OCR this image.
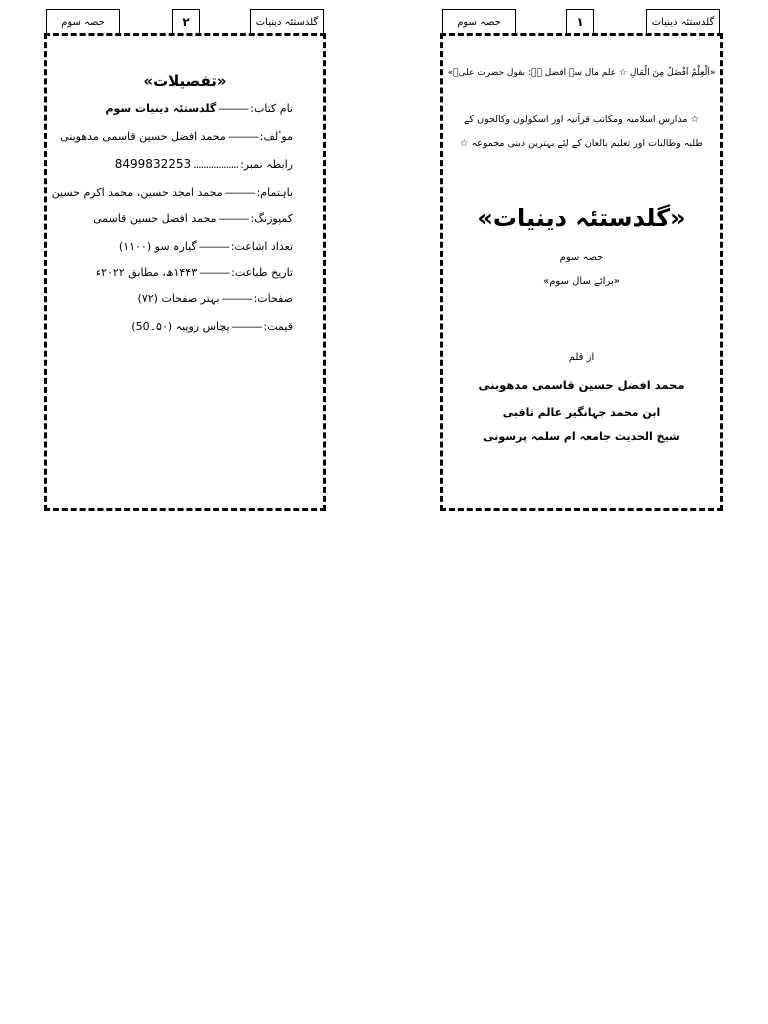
حصہ سوم	۲	گلدستئہ دینیات
«تفصیلات»
نام کتاب:
———
گلدستئہ دینیات سوم
موٴلف:
———
محمد افضل حسین قاسمی مدھوبنی
رابطہ نمبر:
..................
8499832253
باہتمام:
———
محمد امجد حسین، محمد اکرم حسین
کمپوزنگ:
———
محمد افضل حسین قاسمی
تعداد اشاعت:
———
گیارہ سو (۱۱۰۰)
تاریخ طباعت:
———
۱۴۴۳ھ، مطابق ۲۰۲۲ء
صفحات:
———
بہتر صفحات (۷۲)
قیمت:
———
پچاس روپیہ (۵۰۔50)
حصہ سوم	۱	گلدستئہ دینیات
«اَلْعِلْمُ اَفْضَلُ مِنَ الْمَالِ ☆ علم مال سے افضل ہے: بقول حضرت علیؓ»
☆ مدارس اسلامیہ ومکاتب قرآنیہ اور اسکولوں وکالجوں کے
طلبہ وطالبات اور تعلیم بالغان کے لئے بہترین دینی مجموعہ ☆
«گلدستئہ دینیات»
حصہ سوم
«برائے سال سوم»
از قلم
محمد افضل حسین قاسمی مدھوبنی
ابن محمد جہانگیر عالم ثاقبی
شیخ الحدیث جامعہ ام سلمہ پرسونی
